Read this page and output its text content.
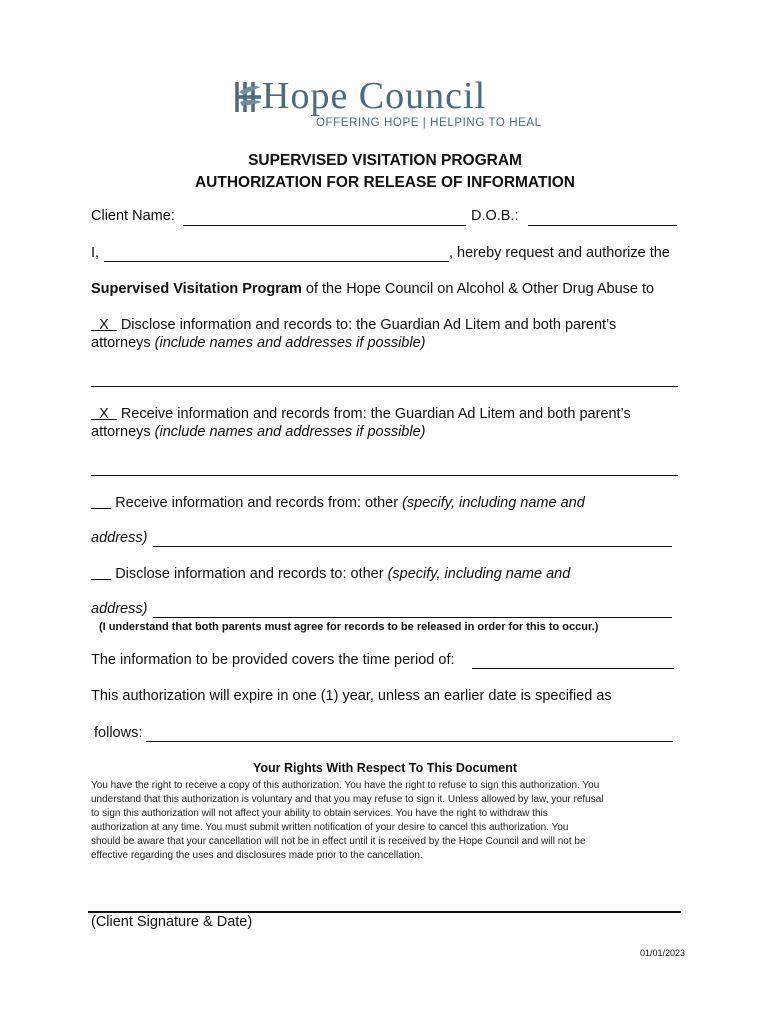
Hope Council
OFFERING HOPE | HELPING TO HEAL
SUPERVISED VISITATION PROGRAM
AUTHORIZATION FOR RELEASE OF INFORMATION
Client Name:	D.O.B.:
I,	, hereby request and authorize the
Supervised Visitation Program of the Hope Council on Alcohol & Other Drug Abuse to
X Disclose information and records to: the Guardian Ad Litem and both parent’s
attorneys (include names and addresses if possible)
X Receive information and records from: the Guardian Ad Litem and both parent’s
attorneys (include names and addresses if possible)
Receive information and records from: other (specify, including name and
address)
Disclose information and records to: other (specify, including name and
address)
(I understand that both parents must agree for records to be released in order for this to occur.)
The information to be provided covers the time period of:
This authorization will expire in one (1) year, unless an earlier date is specified as
follows:
Your Rights With Respect To This Document
You have the right to receive a copy of this authorization. You have the right to refuse to sign this authorization. You
understand that this authorization is voluntary and that you may refuse to sign it. Unless allowed by law, your refusal
to sign this authorization will not affect your ability to obtain services. You have the right to withdraw this
authorization at any time. You must submit written notification of your desire to cancel this authorization. You
should be aware that your cancellation will not be in effect until it is received by the Hope Council and will not be
effective regarding the uses and disclosures made prior to the cancellation.
(Client Signature & Date)
01/01/2023
